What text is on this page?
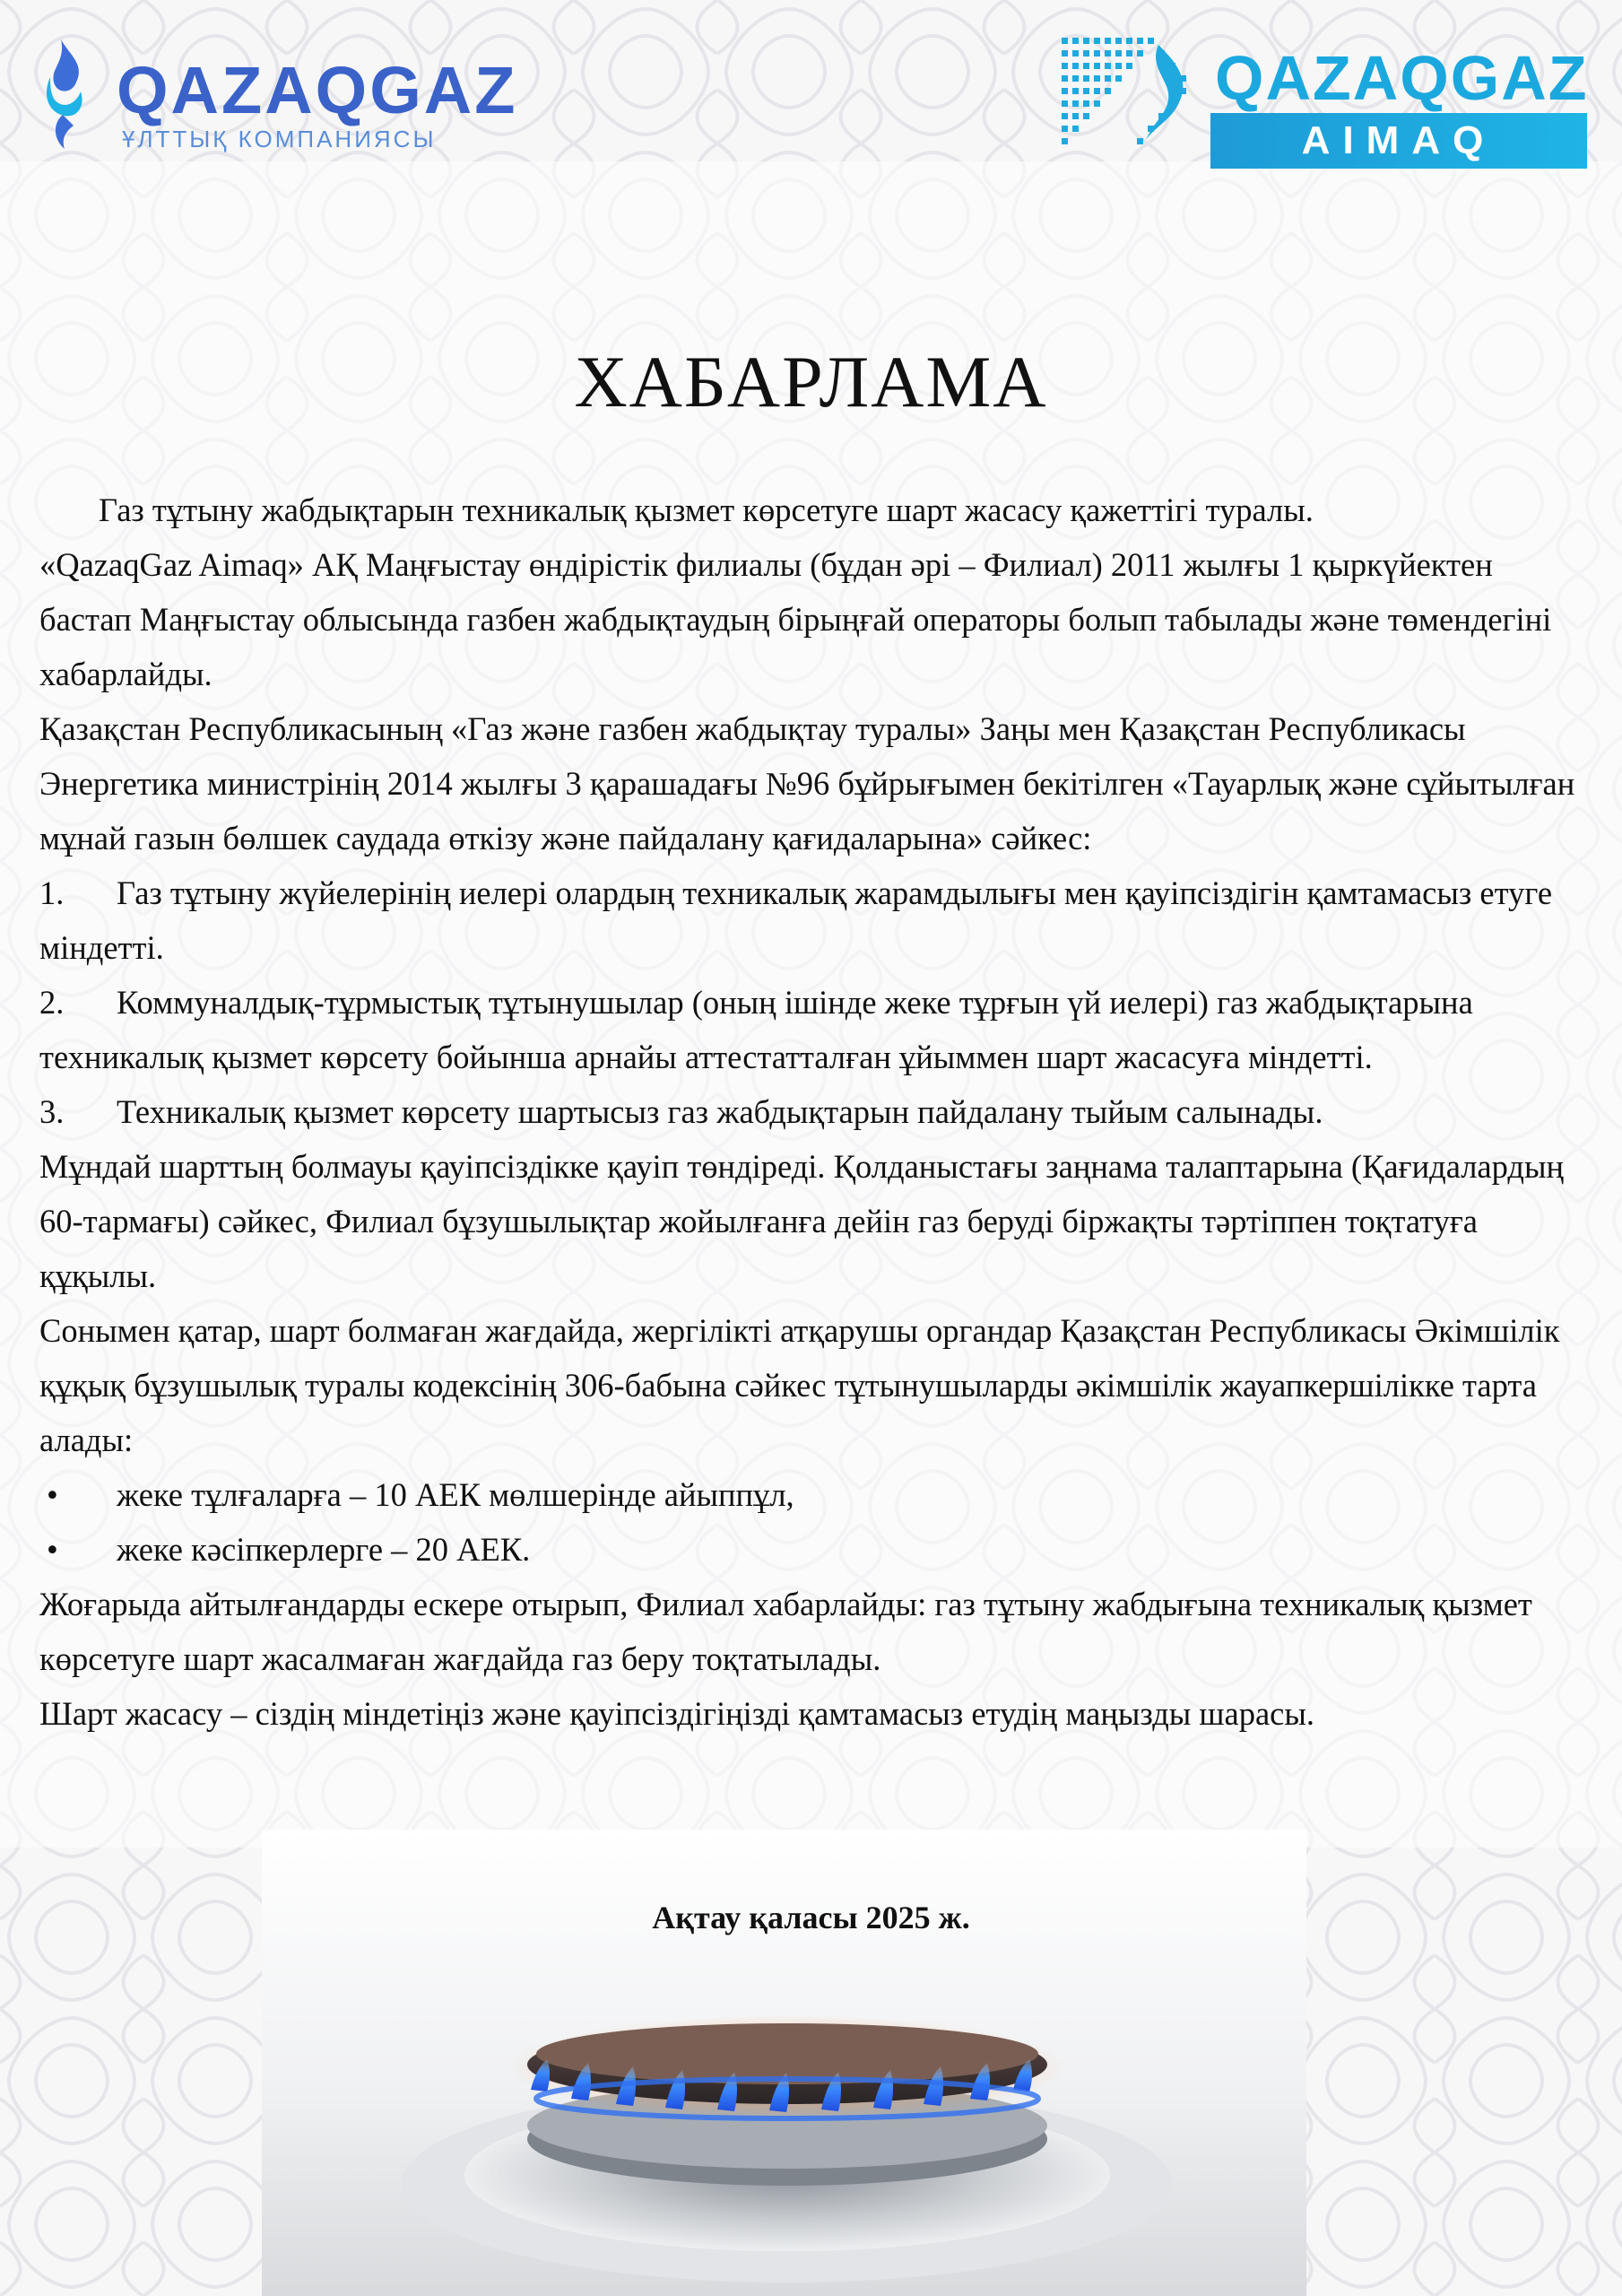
QAZAQGAZ
ҰЛТТЫҚ КОМПАНИЯСЫ
QAZAQGAZ
AIMAQ
ХАБАРЛАМА

Газ тұтыну жабдықтарын техникалық қызмет көрсетуге шарт жасасу қажеттігі туралы.

«QazaqGaz Aimaq» АҚ Маңғыстау өндірістік филиалы (бұдан әрі – Филиал) 2011 жылғы 1 қыркүйектен бастап Маңғыстау облысында газбен жабдықтаудың бірыңғай операторы болып табылады және төмендегіні хабарлайды.

Қазақстан Республикасының «Газ және газбен жабдықтау туралы» Заңы мен Қазақстан Республикасы Энергетика министрінің 2014 жылғы 3 қарашадағы №96 бұйрығымен бекітілген «Тауарлық және сұйытылған мұнай газын бөлшек саудада өткізу және пайдалану қағидаларына» сәйкес:

1. Газ тұтыну жүйелерінің иелері олардың техникалық жарамдылығы мен қауіпсіздігін қамтамасыз етуге міндетті.

2. Коммуналдық-тұрмыстық тұтынушылар (оның ішінде жеке тұрғын үй иелері) газ жабдықтарына техникалық қызмет көрсету бойынша арнайы аттестатталған ұйыммен шарт жасасуға міндетті.

3. Техникалық қызмет көрсету шартысыз газ жабдықтарын пайдалану тыйым салынады.

Мұндай шарттың болмауы қауіпсіздікке қауіп төндіреді. Қолданыстағы заңнама талаптарына (Қағидалардың 60-тармағы) сәйкес, Филиал бұзушылықтар жойылғанға дейін газ беруді біржақты тәртіппен тоқтатуға құқылы.

Сонымен қатар, шарт болмаған жағдайда, жергілікті атқарушы органдар Қазақстан Республикасы Әкімшілік құқық бұзушылық туралы кодексінің 306-бабына сәйкес тұтынушыларды әкімшілік жауапкершілікке тарта алады:

• жеке тұлғаларға – 10 АЕК мөлшерінде айыппұл,

• жеке кәсіпкерлерге – 20 АЕК.

Жоғарыда айтылғандарды ескере отырып, Филиал хабарлайды: газ тұтыну жабдығына техникалық қызмет көрсетуге шарт жасалмаған жағдайда газ беру тоқтатылады.

Шарт жасасу – сіздің міндетіңіз және қауіпсіздігіңізді қамтамасыз етудің маңызды шарасы.

Ақтау қаласы 2025 ж.
